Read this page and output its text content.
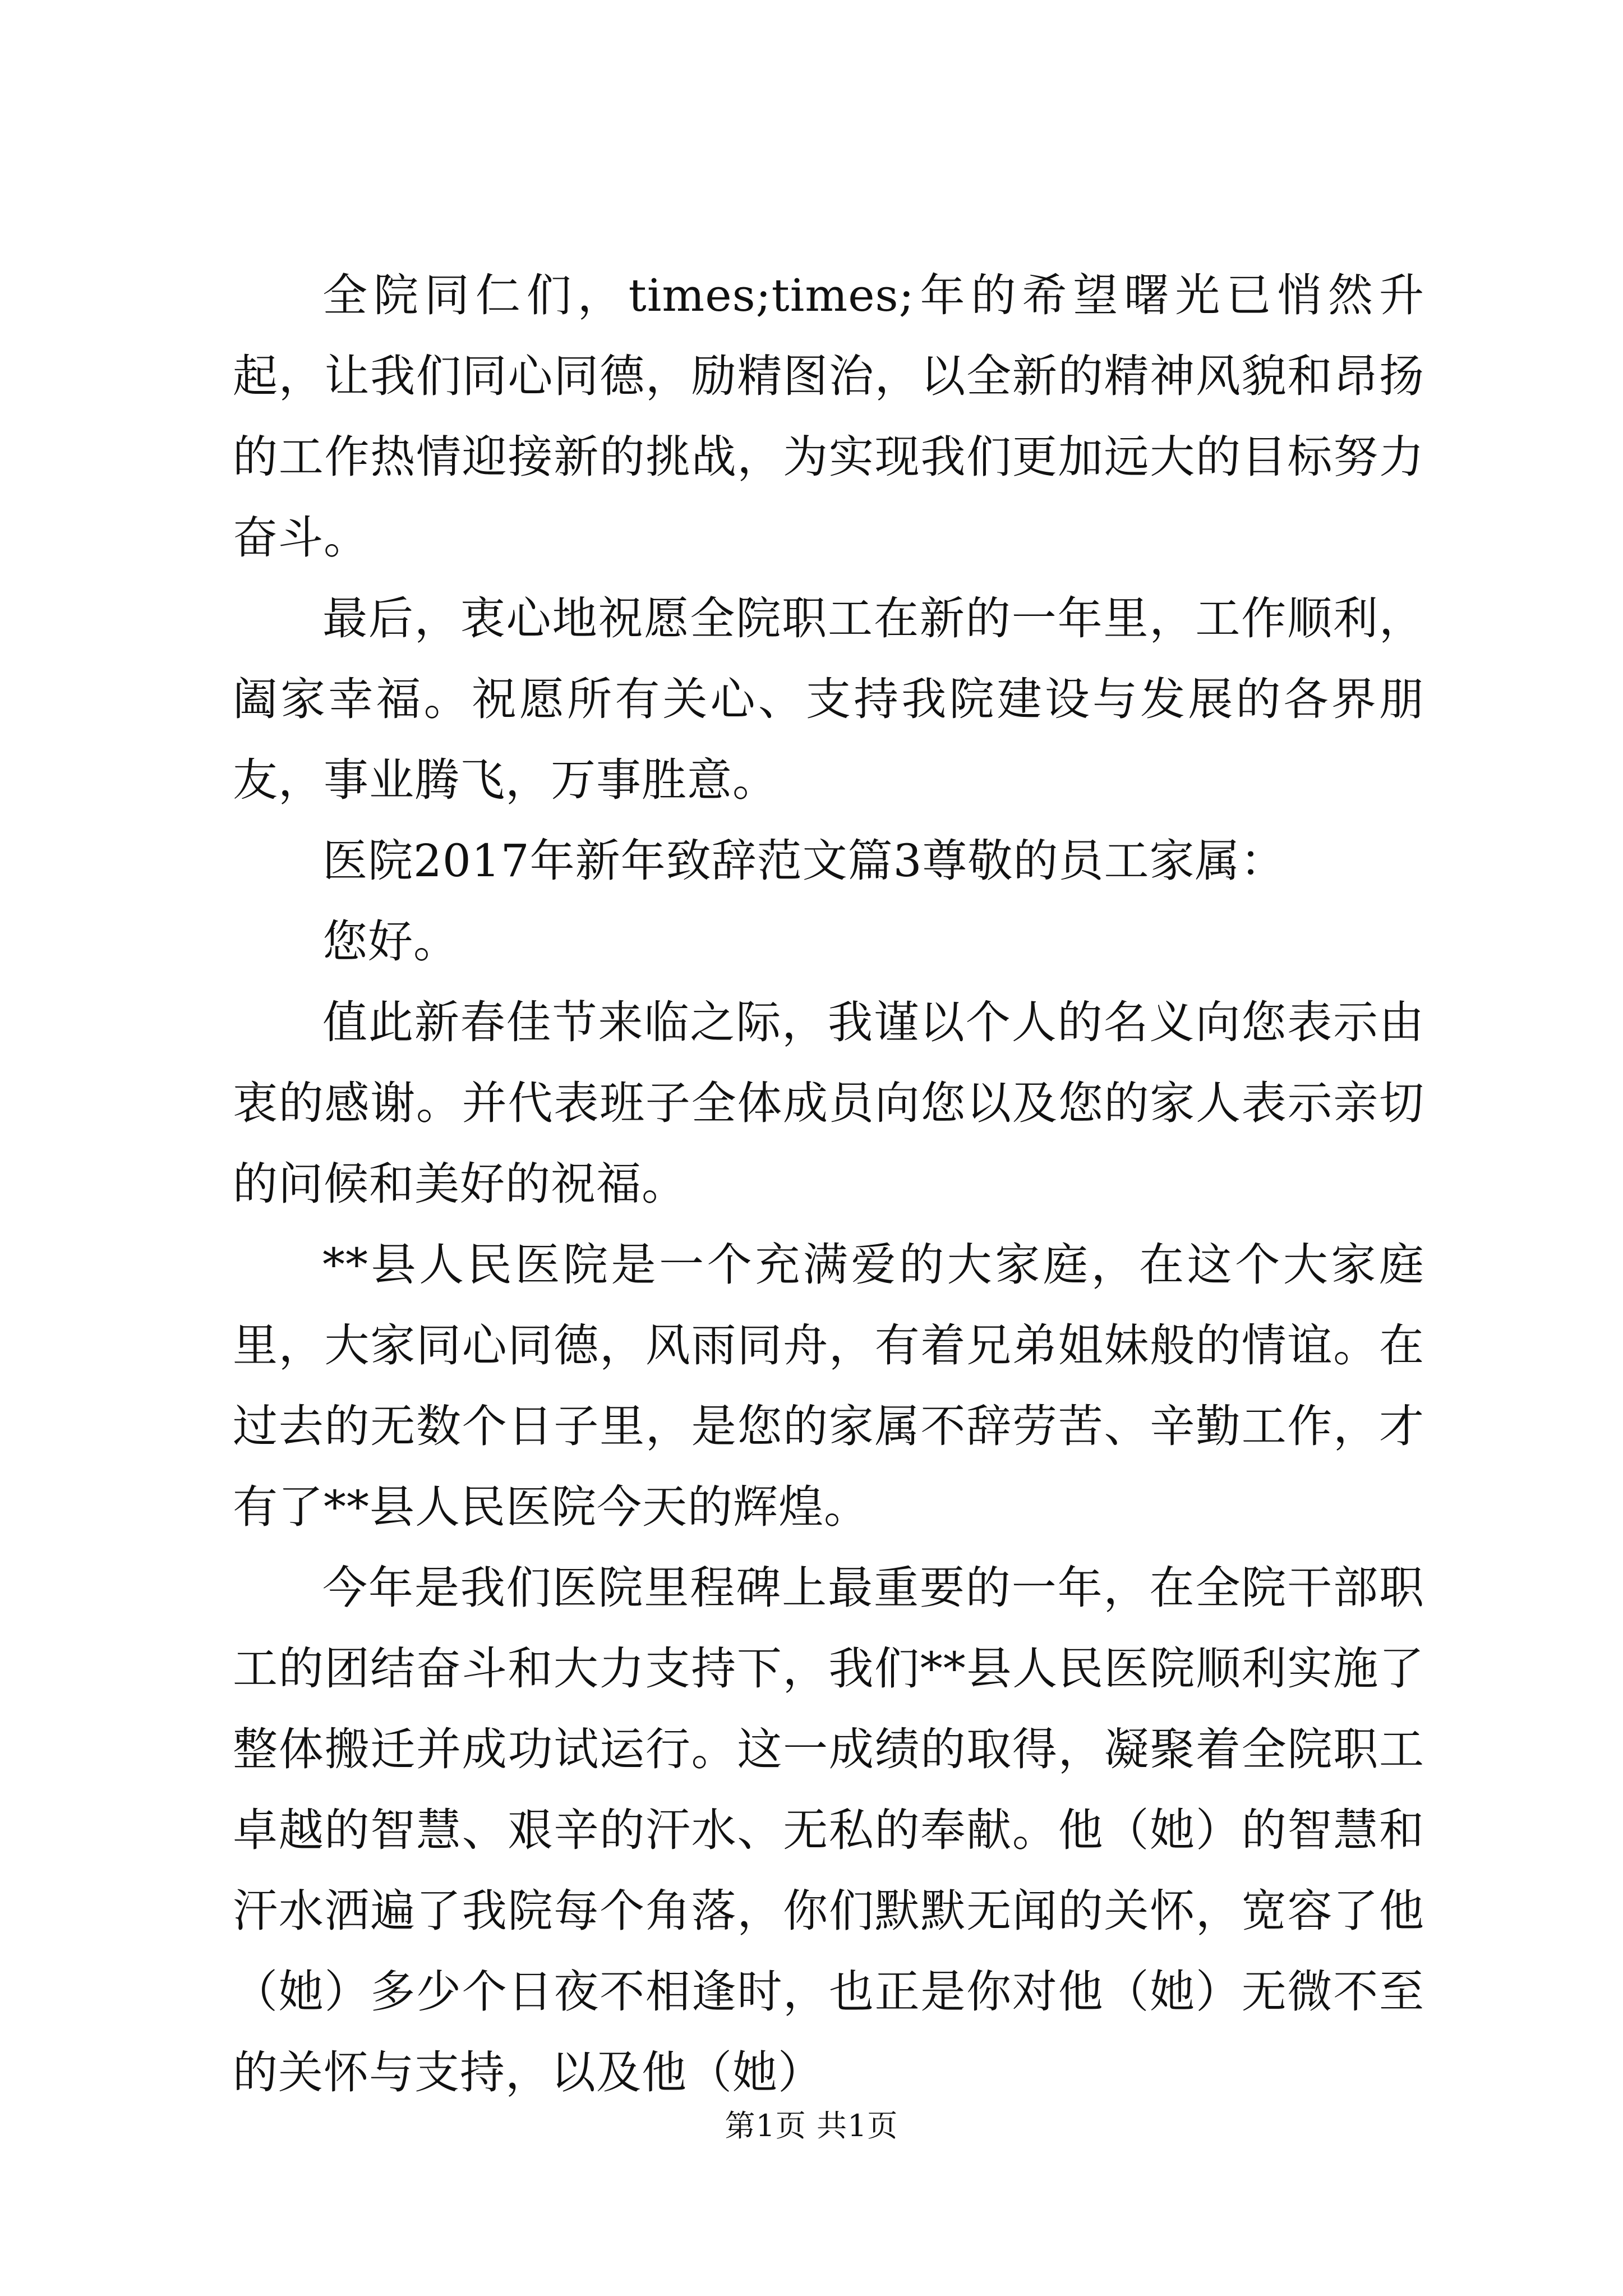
全院同仁们，times;times;年的希望曙光已悄然升起，让我们同心同德，励精图治，以全新的精神风貌和昂扬的工作热情迎接新的挑战，为实现我们更加远大的目标努力奋斗。

最后，衷心地祝愿全院职工在新的一年里，工作顺利，阖家幸福。祝愿所有关心、支持我院建设与发展的各界朋友，事业腾飞，万事胜意。

医院2017年新年致辞范文篇3尊敬的员工家属：

您好。

值此新春佳节来临之际，我谨以个人的名义向您表示由衷的感谢。并代表班子全体成员向您以及您的家人表示亲切的问候和美好的祝福。

**县人民医院是一个充满爱的大家庭，在这个大家庭里，大家同心同德，风雨同舟，有着兄弟姐妹般的情谊。在过去的无数个日子里，是您的家属不辞劳苦、辛勤工作，才有了**县人民医院今天的辉煌。

今年是我们医院里程碑上最重要的一年，在全院干部职工的团结奋斗和大力支持下，我们**县人民医院顺利实施了整体搬迁并成功试运行。这一成绩的取得，凝聚着全院职工卓越的智慧、艰辛的汗水、无私的奉献。他（她）的智慧和汗水洒遍了我院每个角落，你们默默无闻的关怀，宽容了他（她）多少个日夜不相逢时，也正是你对他（她）无微不至的关怀与支持，以及他（她）

第1页 共1页
